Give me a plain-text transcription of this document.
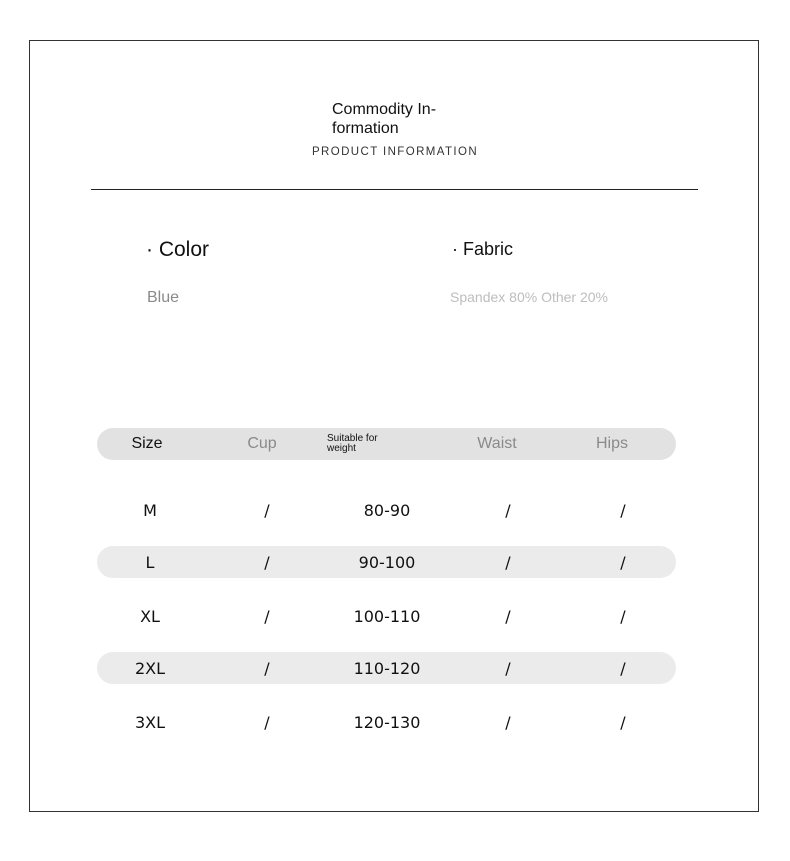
Commodity In-
formation
PRODUCT INFORMATION
· Color
Blue
· Fabric
Spandex 80% Other 20%
Size	Cup	Suitable for weight	Waist	Hips
M	/	80-90	/	/
L	/	90-100	/	/
XL	/	100-110	/	/
2XL	/	110-120	/	/
3XL	/	120-130	/	/
